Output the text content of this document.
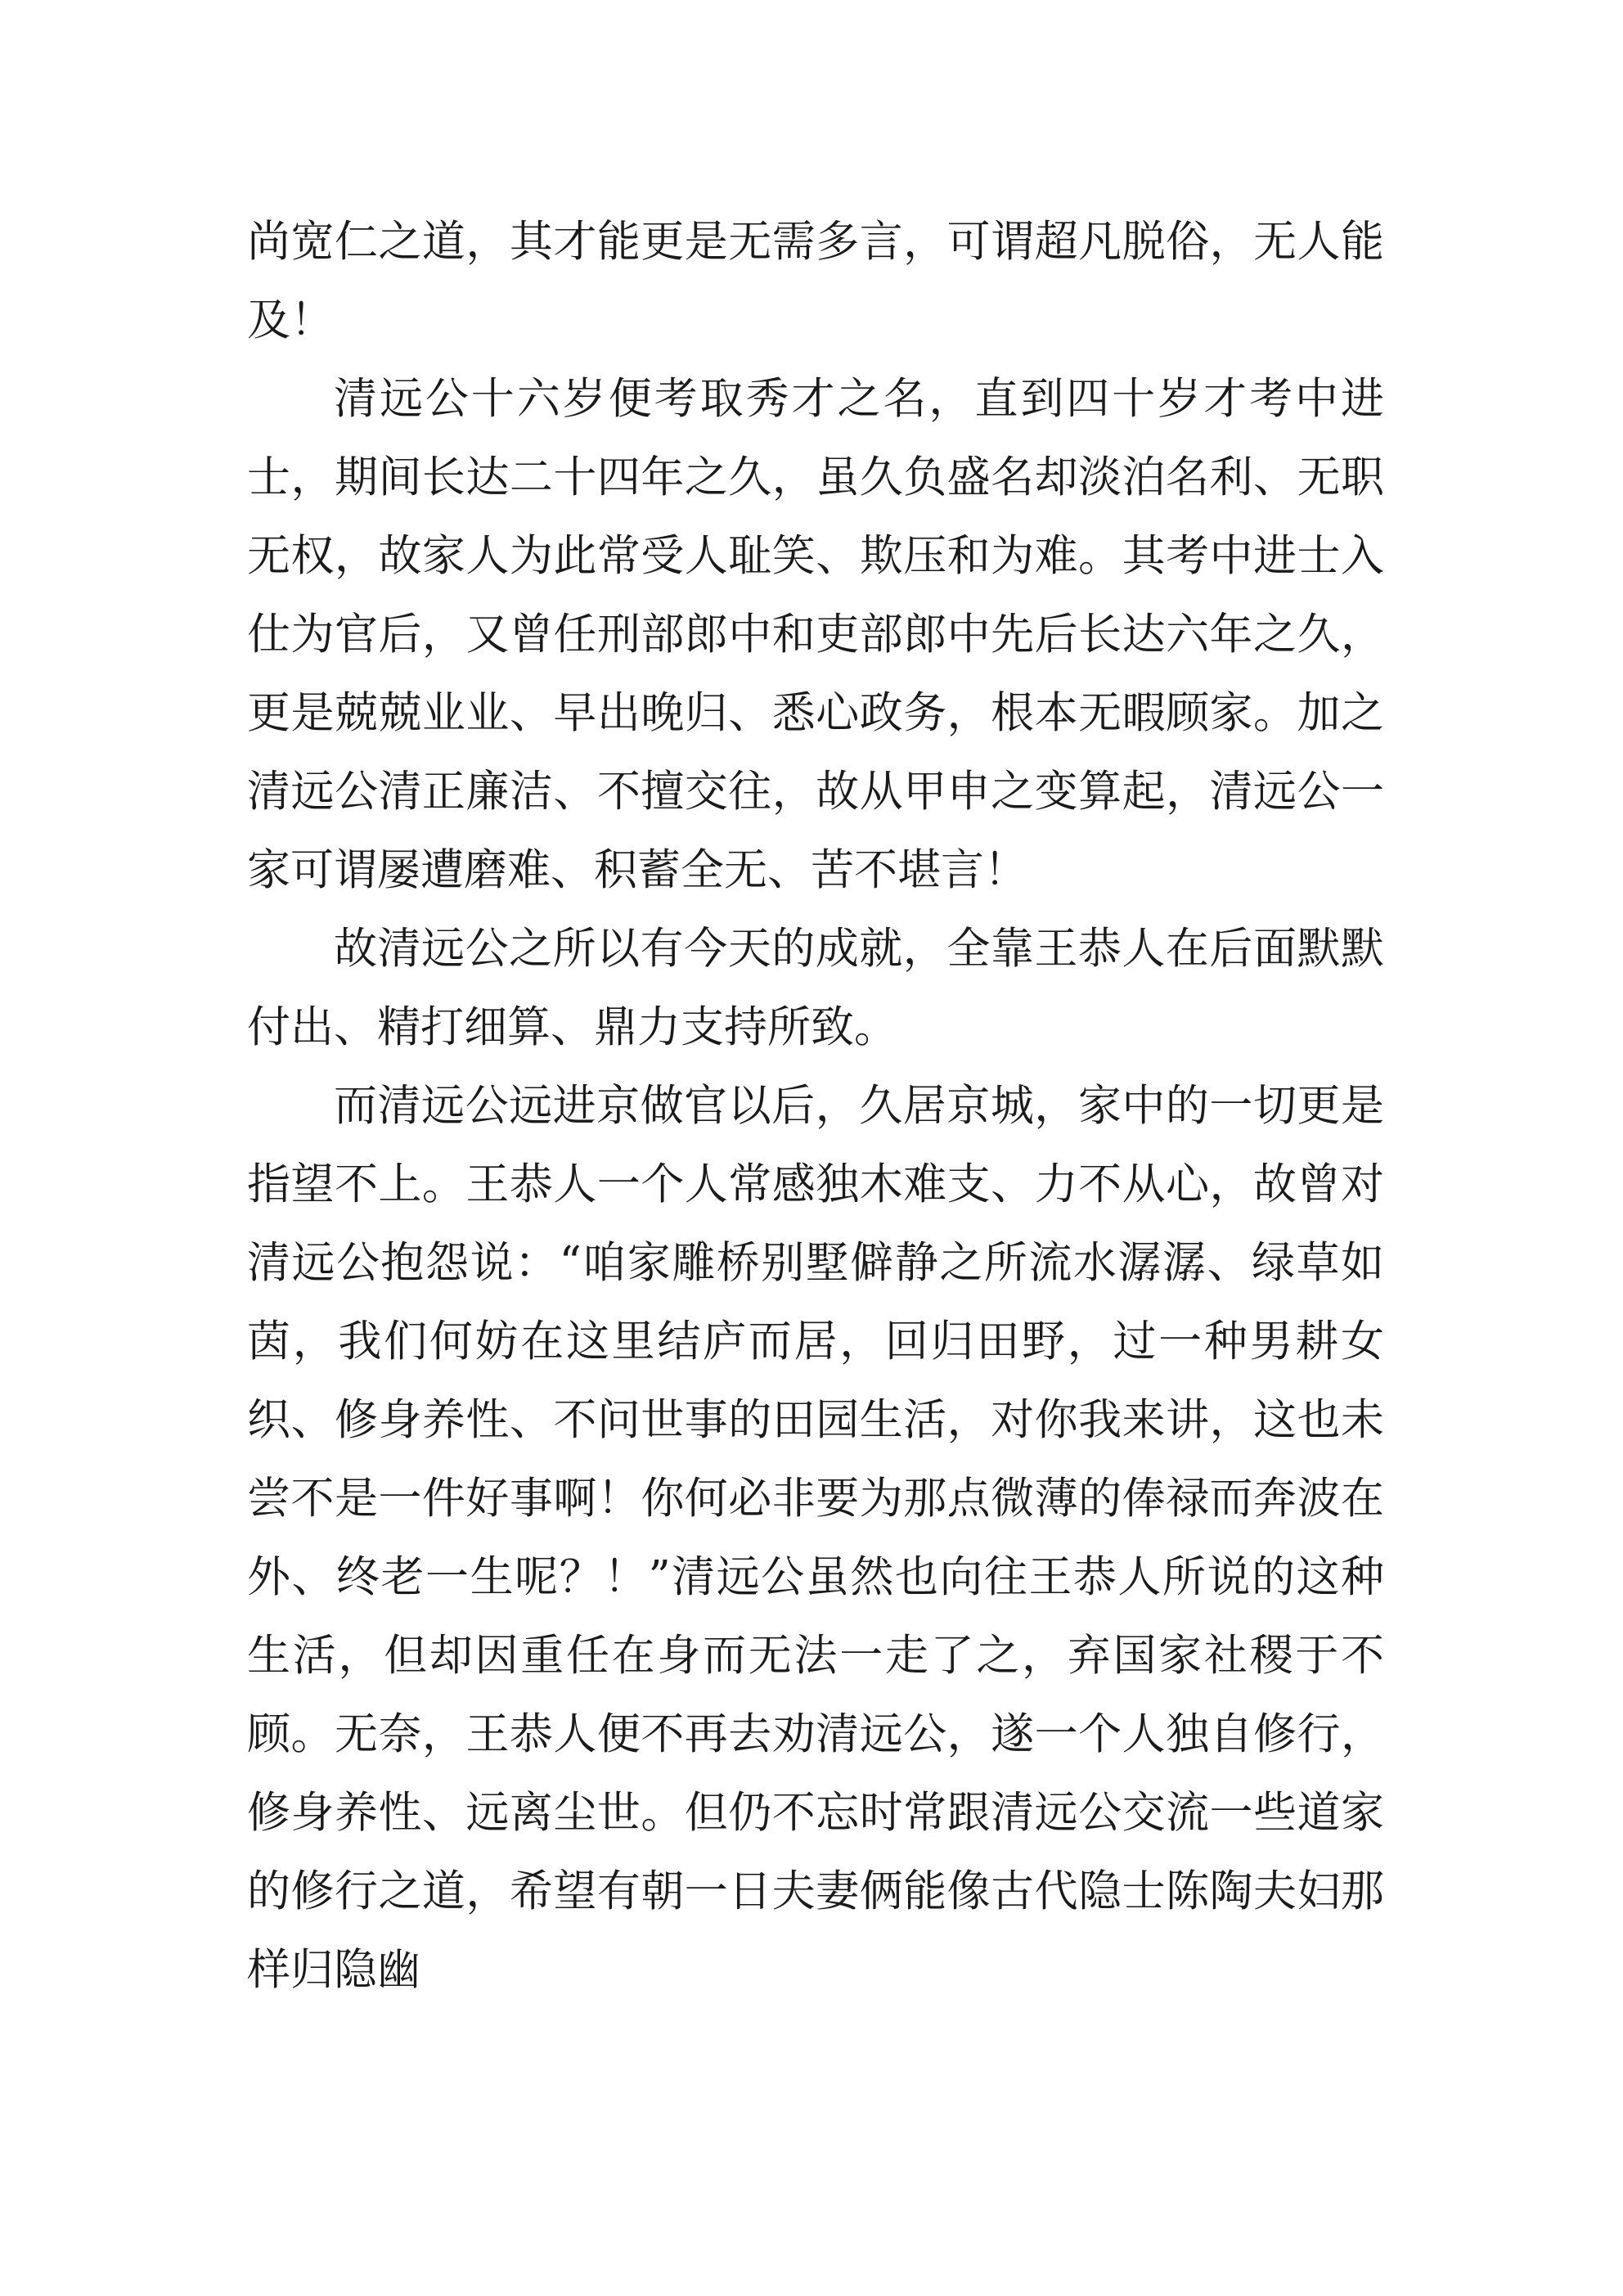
尚宽仁之道，其才能更是无需多言，可谓超凡脱俗，无人能及！

清远公十六岁便考取秀才之名，直到四十岁才考中进士，期间长达二十四年之久，虽久负盛名却淡泊名利、无职无权，故家人为此常受人耻笑、欺压和为难。其考中进士入仕为官后，又曾任刑部郎中和吏部郎中先后长达六年之久，更是兢兢业业、早出晚归、悉心政务，根本无暇顾家。加之清远公清正廉洁、不擅交往，故从甲申之变算起，清远公一家可谓屡遭磨难、积蓄全无、苦不堪言！

故清远公之所以有今天的成就，全靠王恭人在后面默默付出、精打细算、鼎力支持所致。

而清远公远进京做官以后，久居京城，家中的一切更是指望不上。王恭人一个人常感独木难支、力不从心，故曾对清远公抱怨说：“咱家雕桥别墅僻静之所流水潺潺、绿草如茵，我们何妨在这里结庐而居，回归田野，过一种男耕女织、修身养性、不问世事的田园生活，对你我来讲，这也未尝不是一件好事啊！你何必非要为那点微薄的俸禄而奔波在外、终老一生呢？！”清远公虽然也向往王恭人所说的这种生活，但却因重任在身而无法一走了之，弃国家社稷于不顾。无奈，王恭人便不再去劝清远公，遂一个人独自修行，修身养性、远离尘世。但仍不忘时常跟清远公交流一些道家的修行之道，希望有朝一日夫妻俩能像古代隐士陈陶夫妇那样归隐幽
